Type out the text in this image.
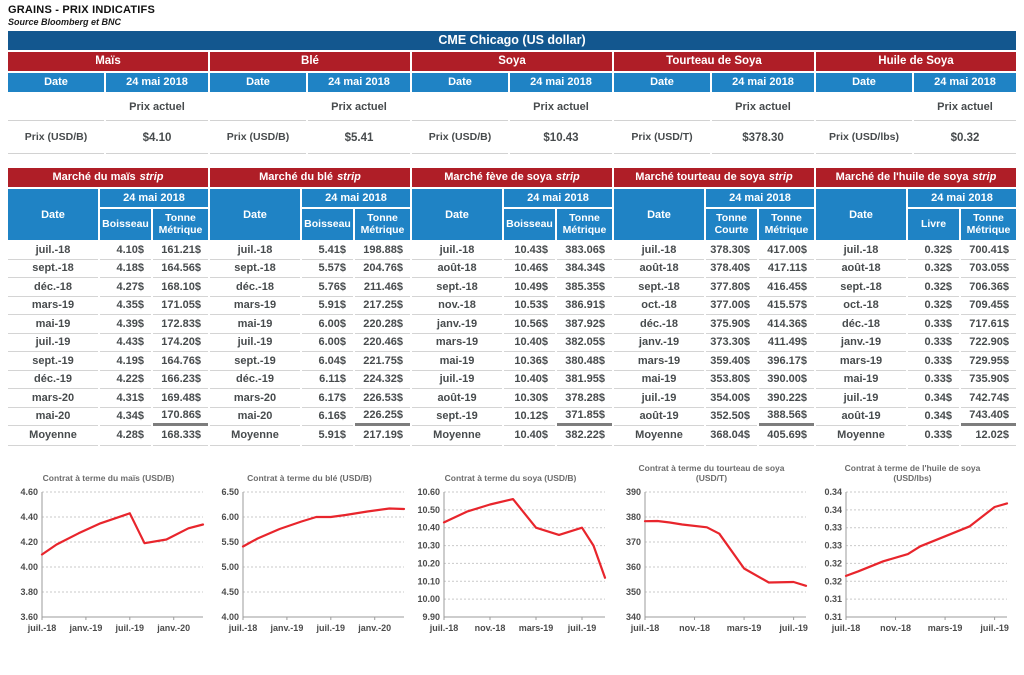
GRAINS - PRIX INDICATIFS
Source Bloomberg et BNC
CME Chicago (US dollar)
Maïs
Date	24 mai 2018
Prix actuel
Prix (USD/B)	$4.10
Blé
Date	24 mai 2018
Prix actuel
Prix (USD/B)	$5.41
Soya
Date	24 mai 2018
Prix actuel
Prix (USD/B)	$10.43
Tourteau de Soya
Date	24 mai 2018
Prix actuel
Prix (USD/T)	$378.30
Huile de Soya
Date	24 mai 2018
Prix actuel
Prix (USD/lbs)	$0.32
Marché du maïs strip
Date
24 mai 2018
Boisseau	Tonne Métrique
juil.-18	4.10$	161.21$
sept.-18	4.18$	164.56$
déc.-18	4.27$	168.10$
mars-19	4.35$	171.05$
mai-19	4.39$	172.83$
juil.-19	4.43$	174.20$
sept.-19	4.19$	164.76$
déc.-19	4.22$	166.23$
mars-20	4.31$	169.48$
mai-20	4.34$	170.86$
Moyenne	4.28$	168.33$
Marché du blé strip
Date
24 mai 2018
Boisseau	Tonne Métrique
juil.-18	5.41$	198.88$
sept.-18	5.57$	204.76$
déc.-18	5.76$	211.46$
mars-19	5.91$	217.25$
mai-19	6.00$	220.28$
juil.-19	6.00$	220.46$
sept.-19	6.04$	221.75$
déc.-19	6.11$	224.32$
mars-20	6.17$	226.53$
mai-20	6.16$	226.25$
Moyenne	5.91$	217.19$
Marché fève de soya strip
Date
24 mai 2018
Boisseau	Tonne Métrique
juil.-18	10.43$	383.06$
août-18	10.46$	384.34$
sept.-18	10.49$	385.35$
nov.-18	10.53$	386.91$
janv.-19	10.56$	387.92$
mars-19	10.40$	382.05$
mai-19	10.36$	380.48$
juil.-19	10.40$	381.95$
août-19	10.30$	378.28$
sept.-19	10.12$	371.85$
Moyenne	10.40$	382.22$
Marché tourteau de soya strip
Date
24 mai 2018
Tonne Courte
Tonne Métrique
juil.-18	378.30$	417.00$
août-18	378.40$	417.11$
sept.-18	377.80$	416.45$
oct.-18	377.00$	415.57$
déc.-18	375.90$	414.36$
janv.-19	373.30$	411.49$
mars-19	359.40$	396.17$
mai-19	353.80$	390.00$
juil.-19	354.00$	390.22$
août-19	352.50$	388.56$
Moyenne	368.04$	405.69$
Marché de l'huile de soya strip
Date
24 mai 2018
Livre	Tonne Métrique
juil.-18	0.32$	700.41$
août-18	0.32$	703.05$
sept.-18	0.32$	706.36$
oct.-18	0.32$	709.45$
déc.-18	0.33$	717.61$
janv.-19	0.33$	722.90$
mars-19	0.33$	729.95$
mai-19	0.33$	735.90$
juil.-19	0.34$	742.74$
août-19	0.34$	743.40$
Moyenne	0.33$	12.02$
Contrat à terme du maïs (USD/B)
3.60
3.80
4.00
4.20
4.40
4.60
juil.-18 janv.-19 juil.-19 janv.-20
Contrat à terme du blé (USD/B)
4.00
4.50
5.00
5.50
6.00
6.50
juil.-18 janv.-19 juil.-19 janv.-20
Contrat à terme du soya (USD/B)
9.90
10.00
10.10
10.20
10.30
10.40
10.50
10.60
juil.-18 nov.-18 mars-19 juil.-19
Contrat à terme du tourteau de soya
(USD/T)
340
350
360
370
380
390
juil.-18 nov.-18 mars-19 juil.-19
Contrat à terme de l'huile de soya
(USD/lbs)
0.31
0.31
0.32
0.32
0.33
0.33
0.34
0.34
juil.-18 nov.-18 mars-19 juil.-19
